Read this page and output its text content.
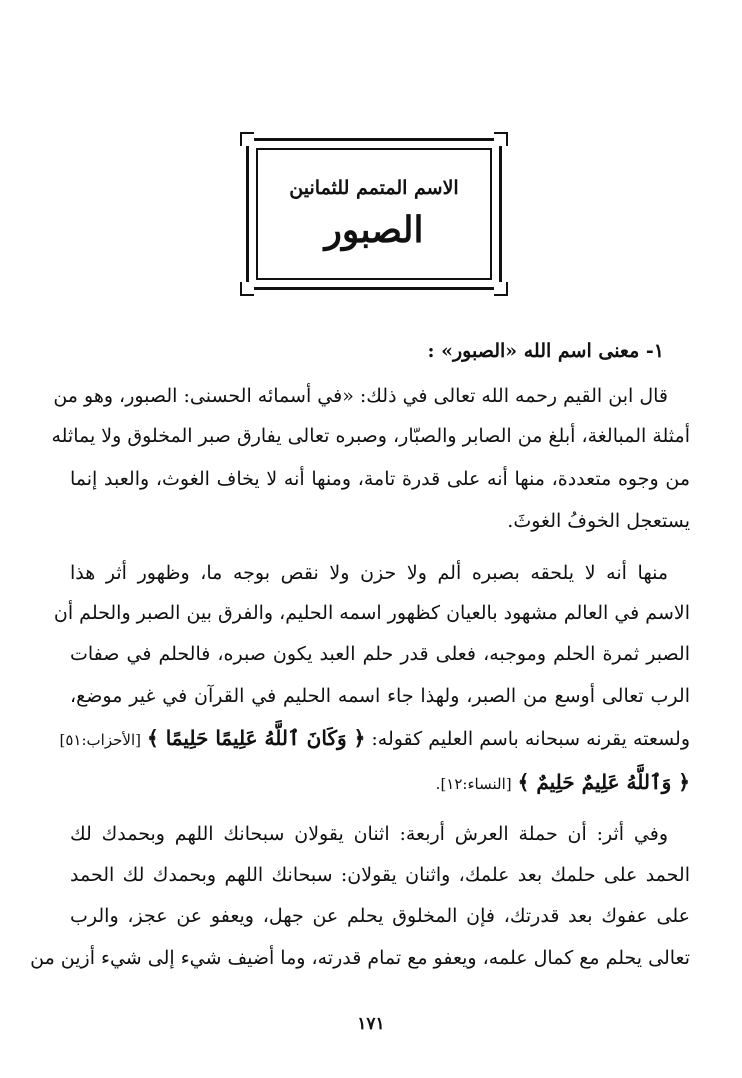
الاسم المتمم للثمانين
الصبور
١- معنى اسم الله «الصبور» :
قال ابن القيم رحمه الله تعالى في ذلك: «في أسمائه الحسنى: الصبور، وهو من
أمثلة المبالغة، أبلغ من الصابر والصبّار، وصبره تعالى يفارق صبر المخلوق ولا يماثله
من وجوه متعددة، منها أنه على قدرة تامة، ومنها أنه لا يخاف الغوث، والعبد إنما
يستعجل الخوفُ الغوثَ.
منها أنه لا يلحقه بصبره ألم ولا حزن ولا نقص بوجه ما، وظهور أثر هذا
الاسم في العالم مشهود بالعيان كظهور اسمه الحليم، والفرق بين الصبر والحلم أن
الصبر ثمرة الحلم وموجبه، فعلى قدر حلم العبد يكون صبره، فالحلم في صفات
الرب تعالى أوسع من الصبر، ولهذا جاء اسمه الحليم في القرآن في غير موضع،
ولسعته يقرنه سبحانه باسم العليم كقوله: ﴿ وَكَانَ ٱللَّهُ عَلِيمًا حَلِيمًا ﴾ [الأحزاب:٥١]
﴿ وَٱللَّهُ عَلِيمٌ حَلِيمٌ ﴾ [النساء:١٢].
وفي أثر: أن حملة العرش أربعة: اثنان يقولان سبحانك اللهم وبحمدك لك
الحمد على حلمك بعد علمك، واثنان يقولان: سبحانك اللهم وبحمدك لك الحمد
على عفوك بعد قدرتك، فإن المخلوق يحلم عن جهل، ويعفو عن عجز، والرب
تعالى يحلم مع كمال علمه، ويعفو مع تمام قدرته، وما أضيف شيء إلى شيء أزين من
١٧١
